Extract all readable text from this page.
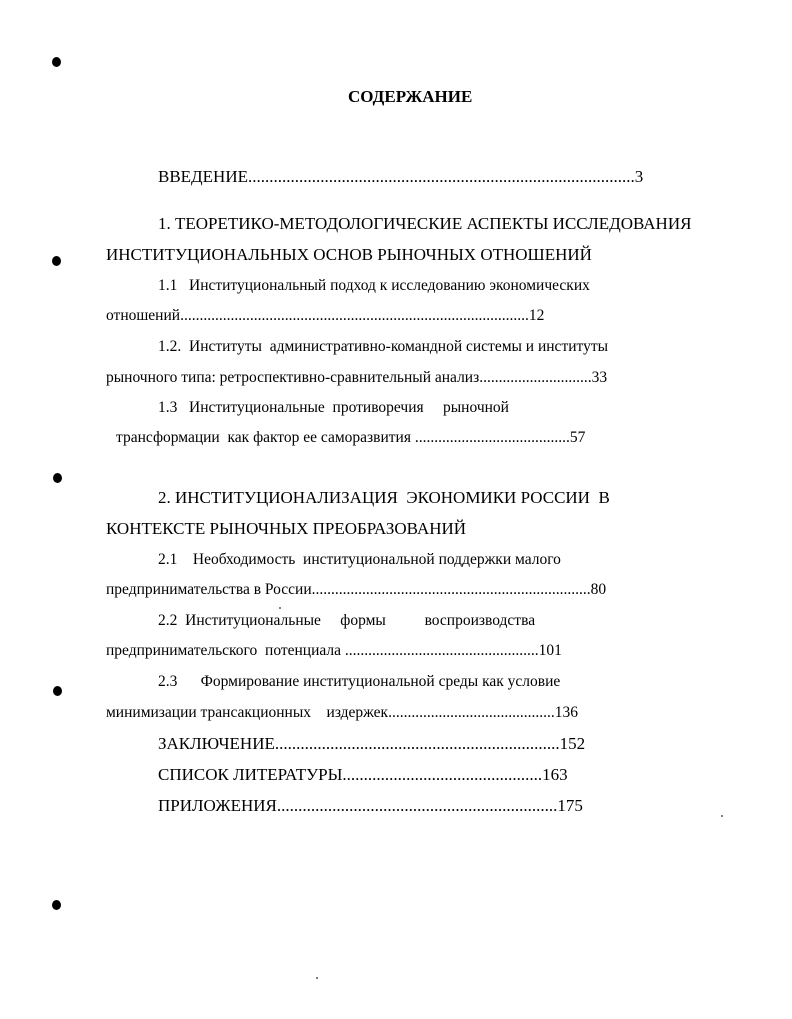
СОДЕРЖАНИЕ
ВВЕДЕНИЕ...........................................................................................3
1. ТЕОРЕТИКО-МЕТОДОЛОГИЧЕСКИЕ АСПЕКТЫ ИССЛЕДОВАНИЯ
ИНСТИТУЦИОНАЛЬНЫХ ОСНОВ РЫНОЧНЫХ ОТНОШЕНИЙ
1.1   Институциональный подход к исследованию экономических
отношений..........................................................................................12
1.2.  Институты  административно-командной системы и институты
рыночного типа: ретроспективно-сравнительный анализ.............................33
1.3   Институциональные  противоречия     рыночной
трансформации  как фактор ее саморазвития ........................................57
2. ИНСТИТУЦИОНАЛИЗАЦИЯ  ЭКОНОМИКИ РОССИИ  В
КОНТЕКСТЕ РЫНОЧНЫХ ПРЕОБРАЗОВАНИЙ
2.1    Необходимость  институциональной поддержки малого
предпринимательства в России........................................................................80
2.2  Институциональные     формы          воспроизводства
предпринимательского  потенциала ..................................................101
2.3      Формирование институциональной среды как условие
минимизации трансакционных    издержек...........................................136
ЗАКЛЮЧЕНИЕ...................................................................152
СПИСОК ЛИТЕРАТУРЫ...............................................163
ПРИЛОЖЕНИЯ..................................................................175
